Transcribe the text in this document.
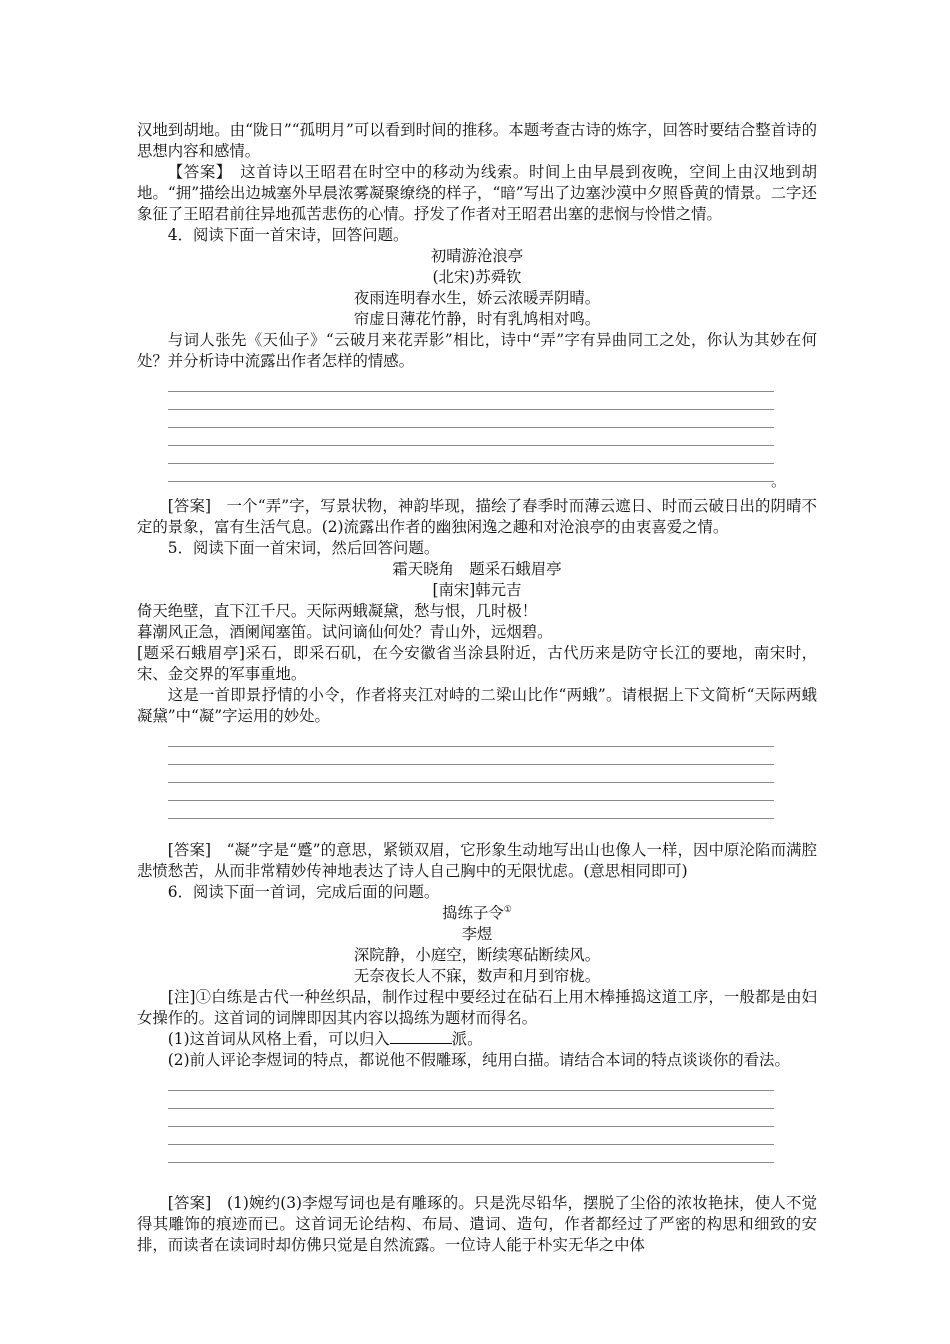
汉地到胡地。由“陇日”“孤明月”可以看到时间的推移。本题考查古诗的炼字，回答时要结合整首诗的思想内容和感情。

【答案】　这首诗以王昭君在时空中的移动为线索。时间上由早晨到夜晚，空间上由汉地到胡地。“拥”描绘出边城塞外早晨浓雾凝聚缭绕的样子，“暗”写出了边塞沙漠中夕照昏黄的情景。二字还象征了王昭君前往异地孤苦悲伤的心情。抒发了作者对王昭君出塞的悲悯与怜惜之情。

4．阅读下面一首宋诗，回答问题。

初晴游沧浪亭

(北宋)苏舜钦

夜雨连明春水生，娇云浓暖弄阴晴。

帘虚日薄花竹静，时有乳鸠相对鸣。

与词人张先《天仙子》“云破月来花弄影”相比，诗中“弄”字有异曲同工之处，你认为其妙在何处？并分析诗中流露出作者怎样的情感。

。

[答案]　一个“弄”字，写景状物，神韵毕现，描绘了春季时而薄云遮日、时而云破日出的阴晴不定的景象，富有生活气息。(2)流露出作者的幽独闲逸之趣和对沧浪亭的由衷喜爱之情。

5．阅读下面一首宋词，然后回答问题。

霜天晓角　题采石蛾眉亭

[南宋]韩元吉

倚天绝壁，直下江千尺。天际两蛾凝黛，愁与恨，几时极！

暮潮风正急，酒阑闻塞笛。试问谪仙何处？青山外，远烟碧。

[题采石蛾眉亭]采石，即采石矶，在今安徽省当涂县附近，古代历来是防守长江的要地，南宋时，宋、金交界的军事重地。

这是一首即景抒情的小令，作者将夹江对峙的二梁山比作“两蛾”。请根据上下文简析“天际两蛾凝黛”中“凝”字运用的妙处。

[答案]　“凝”字是“蹙”的意思，紧锁双眉，它形象生动地写出山也像人一样，因中原沦陷而满腔悲愤愁苦，从而非常精妙传神地表达了诗人自己胸中的无限忧虑。(意思相同即可)

6．阅读下面一首词，完成后面的问题。

捣练子令①

李煜

深院静，小庭空，断续寒砧断续风。

无奈夜长人不寐，数声和月到帘栊。

[注]①白练是古代一种丝织品，制作过程中要经过在砧石上用木棒捶捣这道工序，一般都是由妇女操作的。这首词的词牌即因其内容以捣练为题材而得名。

(1)这首词从风格上看，可以归入	派。

(2)前人评论李煜词的特点，都说他不假雕琢，纯用白描。请结合本词的特点谈谈你的看法。

[答案]　(1)婉约(3)李煜写词也是有雕琢的。只是洗尽铅华，摆脱了尘俗的浓妆艳抹，使人不觉得其雕饰的痕迹而已。这首词无论结构、布局、遣词、造句，作者都经过了严密的构思和细致的安排，而读者在读词时却仿佛只觉是自然流露。一位诗人能于朴实无华之中体
